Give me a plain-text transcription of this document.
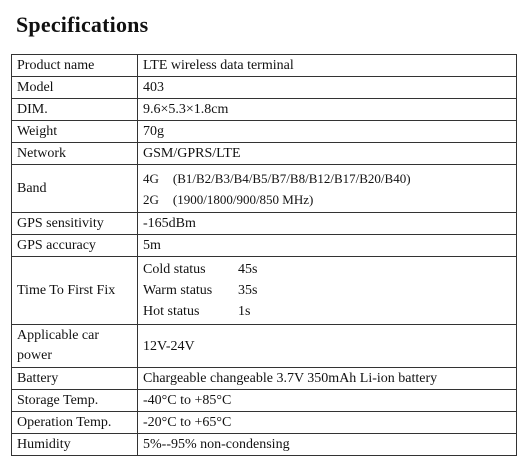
Specifications
Product name	LTE wireless data terminal
Model	403
DIM.	9.6×5.3×1.8cm
Weight	70g
Network	GSM/GPRS/LTE
Band	4G (B1/B2/B3/B4/B5/B7/B8/B12/B17/B20/B40)
2G (1900/1800/900/850 MHz)

GPS sensitivity	-165dBm
GPS accuracy	5m
Time To First Fix	Cold status 45s
Warm status 35s
Hot status 1s

Applicable car power	12V-24V
Battery	Chargeable changeable 3.7V 350mAh Li-ion battery
Storage Temp.	-40°C to +85°C
Operation Temp.	-20°C to +65°C
Humidity	5%--95% non-condensing
